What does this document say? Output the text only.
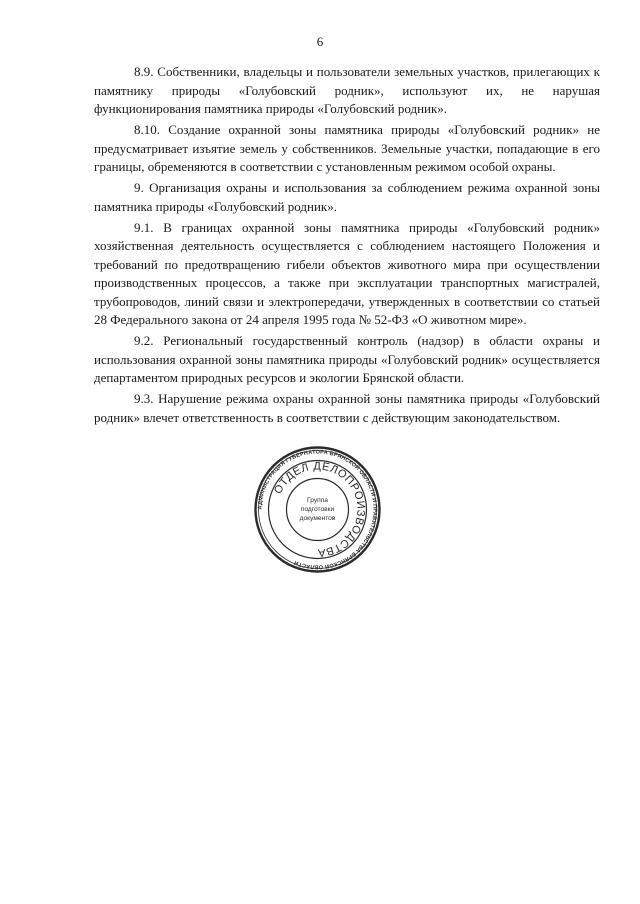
6

8.9. Собственники, владельцы и пользователи земельных участков, прилегающих к памятнику природы «Голубовский родник», используют их, не нарушая функционирования памятника природы «Голубовский родник».

8.10. Создание охранной зоны памятника природы «Голубовский родник» не предусматривает изъятие земель у собственников. Земельные участки, попадающие в его границы, обременяются в соответствии с установленным режимом особой охраны.

9. Организация охраны и использования за соблюдением режима охранной зоны памятника природы «Голубовский родник».

9.1. В границах охранной зоны памятника природы «Голубовский родник» хозяйственная деятельность осуществляется с соблюдением настоящего Положения и требований по предотвращению гибели объектов животного мира при осуществлении производственных процессов, а также при эксплуатации транспортных магистралей, трубопроводов, линий связи и электропередачи, утвержденных в соответствии со статьей 28 Федерального закона от 24 апреля 1995 года № 52-ФЗ «О животном мире».

9.2. Региональный государственный контроль (надзор) в области охраны и использования охранной зоны памятника природы «Голубовский родник» осуществляется департаментом природных ресурсов и экологии Брянской области.

9.3. Нарушение режима охраны охранной зоны памятника природы «Голубовский родник» влечет ответственность в соответствии с действующим законодательством.

АДМИНИСТРАЦИЯ ГУБЕРНАТОРА БРЯНСКОЙ ОБЛАСТИ И ПРАВИТЕЛЬСТВА БРЯНСКОЙ ОБЛАСТИ
ОТДЕЛ ДЕЛОПРОИЗВОДСТВА
Группа
подготовки
документов
